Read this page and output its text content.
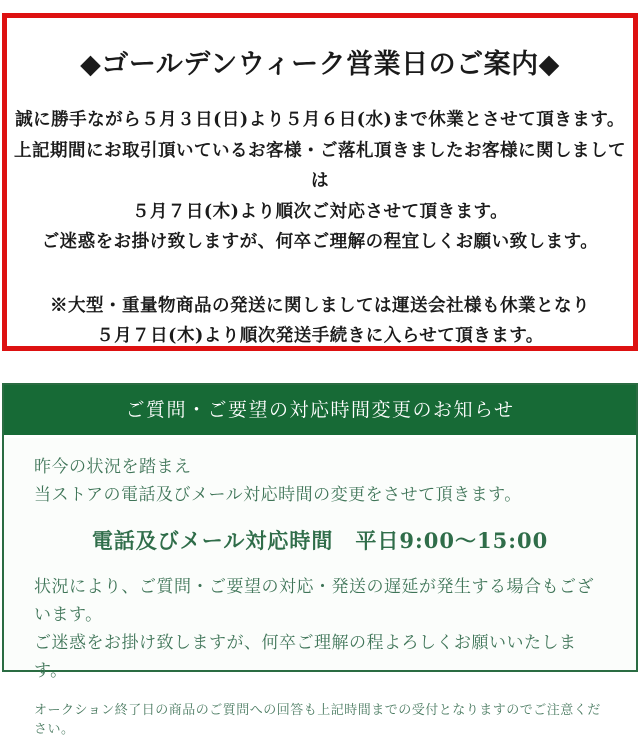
◆ゴールデンウィーク営業日のご案内◆
誠に勝手ながら５月３日(日)より５月６日(水)まで休業とさせて頂きます。
上記期間にお取引頂いているお客様・ご落札頂きましたお客様に関しましては
５月７日(木)より順次ご対応させて頂きます。
ご迷惑をお掛け致しますが、何卒ご理解の程宜しくお願い致します。
※大型・重量物商品の発送に関しましては運送会社様も休業となり
５月７日(木)より順次発送手続きに入らせて頂きます。
ご質問・ご要望の対応時間変更のお知らせ
昨今の状況を踏まえ
当ストアの電話及びメール対応時間の変更をさせて頂きます。
電話及びメール対応時間　平日9:00～15:00
状況により、ご質問・ご要望の対応・発送の遅延が発生する場合もございます。
ご迷惑をお掛け致しますが、何卒ご理解の程よろしくお願いいたします。
オークション終了日の商品のご質問への回答も上記時間までの受付となりますのでご注意ください。
